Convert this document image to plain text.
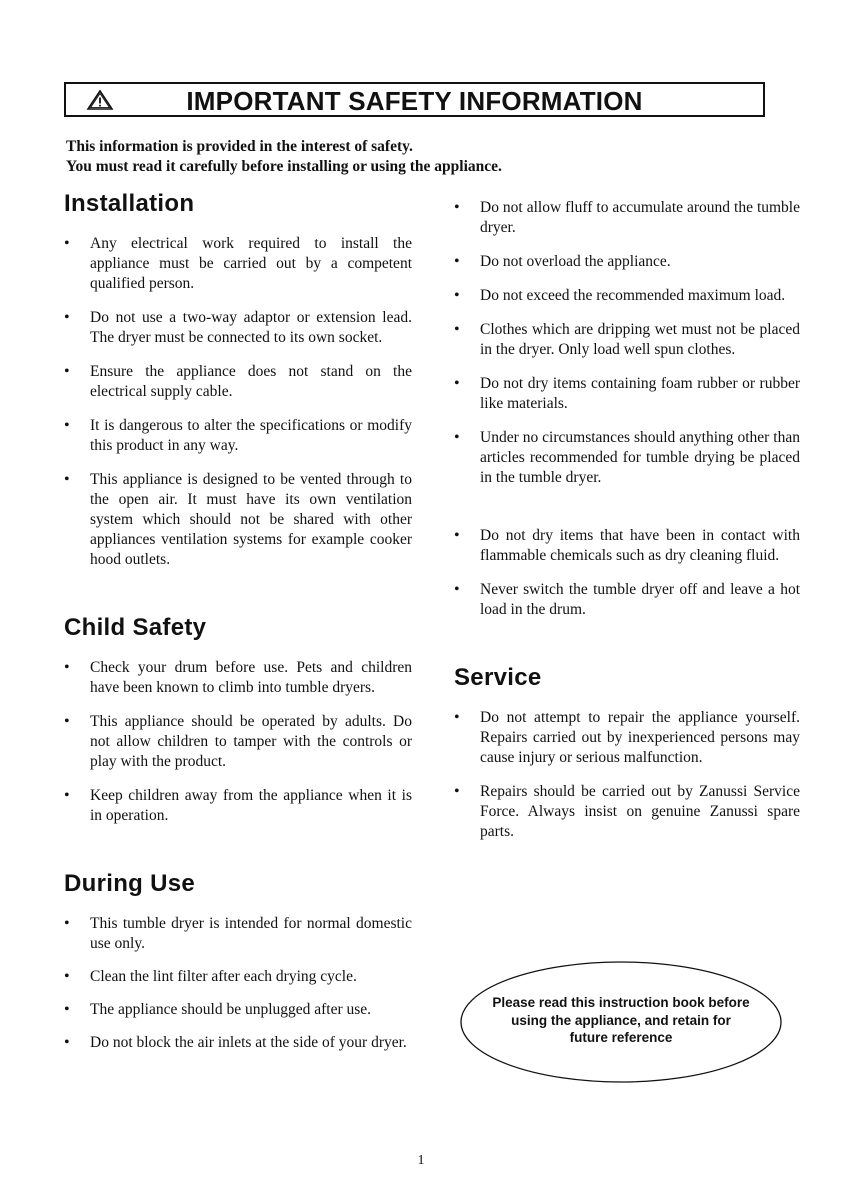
IMPORTANT SAFETY INFORMATION
This information is provided in the interest of safety.
You must read it carefully before installing or using the appliance.
Installation
• Any electrical work required to install the appliance must be carried out by a competent qualified person.
• Do not use a two-way adaptor or extension lead. The dryer must be connected to its own socket.
• Ensure the appliance does not stand on the electrical supply cable.
• It is dangerous to alter the specifications or modify this product in any way.
• This appliance is designed to be vented through to the open air. It must have its own ventilation system which should not be shared with other appliances ventilation systems for example cooker hood outlets.
Child Safety
• Check your drum before use. Pets and children have been known to climb into tumble dryers.
• This appliance should be operated by adults. Do not allow children to tamper with the controls or play with the product.
• Keep children away from the appliance when it is in operation.
During Use
• This tumble dryer is intended for normal domestic use only.
• Clean the lint filter after each drying cycle.
• The appliance should be unplugged after use.
• Do not block the air inlets at the side of your dryer.
• Do not allow fluff to accumulate around the tumble dryer.
• Do not overload the appliance.
• Do not exceed the recommended maximum load.
• Clothes which are dripping wet must not be placed in the dryer. Only load well spun clothes.
• Do not dry items containing foam rubber or rubber like materials.
• Under no circumstances should anything other than articles recommended for tumble drying be placed in the tumble dryer.
• Do not dry items that have been in contact with flammable chemicals such as dry cleaning fluid.
• Never switch the tumble dryer off and leave a hot load in the drum.
Service
• Do not attempt to repair the appliance yourself. Repairs carried out by inexperienced persons may cause injury or serious malfunction.
• Repairs should be carried out by Zanussi Service Force. Always insist on genuine Zanussi spare parts.
Please read this instruction book before
using the appliance, and retain for
future reference
1
